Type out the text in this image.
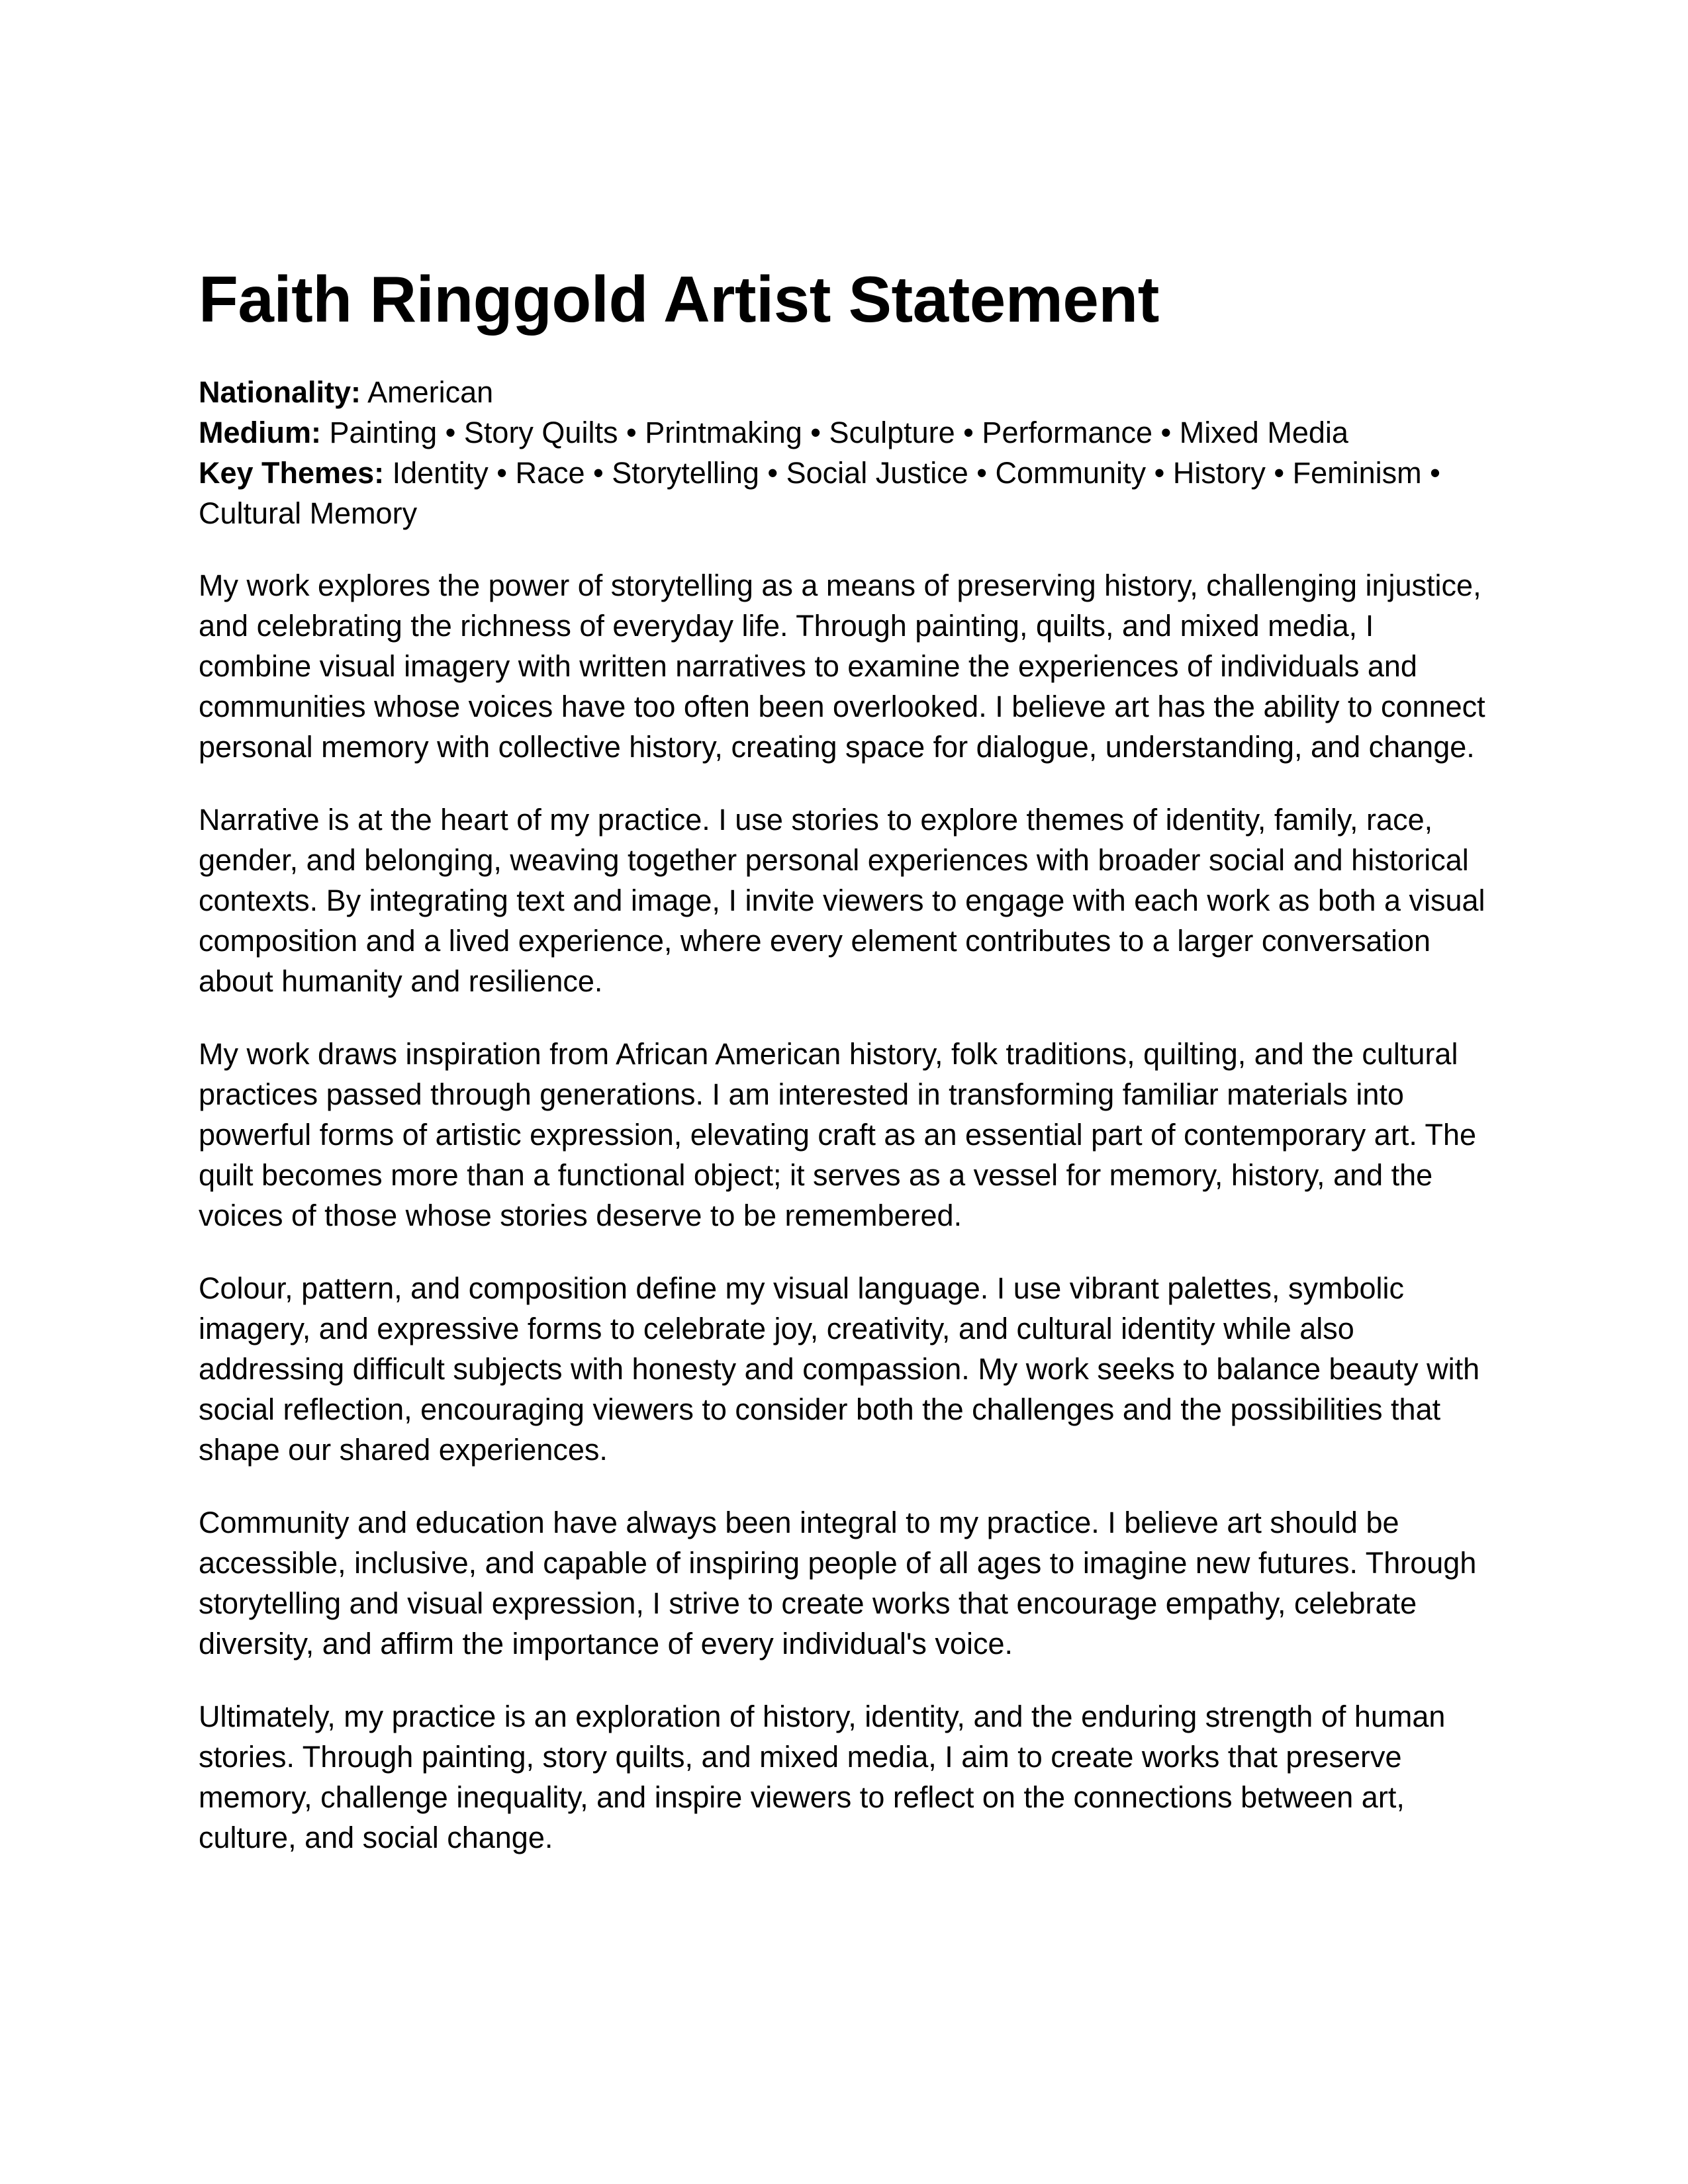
Faith Ringgold Artist Statement
Nationality: American
Medium: Painting • Story Quilts • Printmaking • Sculpture • Performance • Mixed Media
Key Themes: Identity • Race • Storytelling • Social Justice • Community • History • Feminism • Cultural Memory

My work explores the power of storytelling as a means of preserving history, challenging injustice, and celebrating the richness of everyday life. Through painting, quilts, and mixed media, I combine visual imagery with written narratives to examine the experiences of individuals and communities whose voices have too often been overlooked. I believe art has the ability to connect personal memory with collective history, creating space for dialogue, understanding, and change.

Narrative is at the heart of my practice. I use stories to explore themes of identity, family, race, gender, and belonging, weaving together personal experiences with broader social and historical contexts. By integrating text and image, I invite viewers to engage with each work as both a visual composition and a lived experience, where every element contributes to a larger conversation about humanity and resilience.

My work draws inspiration from African American history, folk traditions, quilting, and the cultural practices passed through generations. I am interested in transforming familiar materials into powerful forms of artistic expression, elevating craft as an essential part of contemporary art. The quilt becomes more than a functional object; it serves as a vessel for memory, history, and the voices of those whose stories deserve to be remembered.

Colour, pattern, and composition define my visual language. I use vibrant palettes, symbolic imagery, and expressive forms to celebrate joy, creativity, and cultural identity while also addressing difficult subjects with honesty and compassion. My work seeks to balance beauty with social reflection, encouraging viewers to consider both the challenges and the possibilities that shape our shared experiences.

Community and education have always been integral to my practice. I believe art should be accessible, inclusive, and capable of inspiring people of all ages to imagine new futures. Through storytelling and visual expression, I strive to create works that encourage empathy, celebrate diversity, and affirm the importance of every individual's voice.

Ultimately, my practice is an exploration of history, identity, and the enduring strength of human stories. Through painting, story quilts, and mixed media, I aim to create works that preserve memory, challenge inequality, and inspire viewers to reflect on the connections between art, culture, and social change.
